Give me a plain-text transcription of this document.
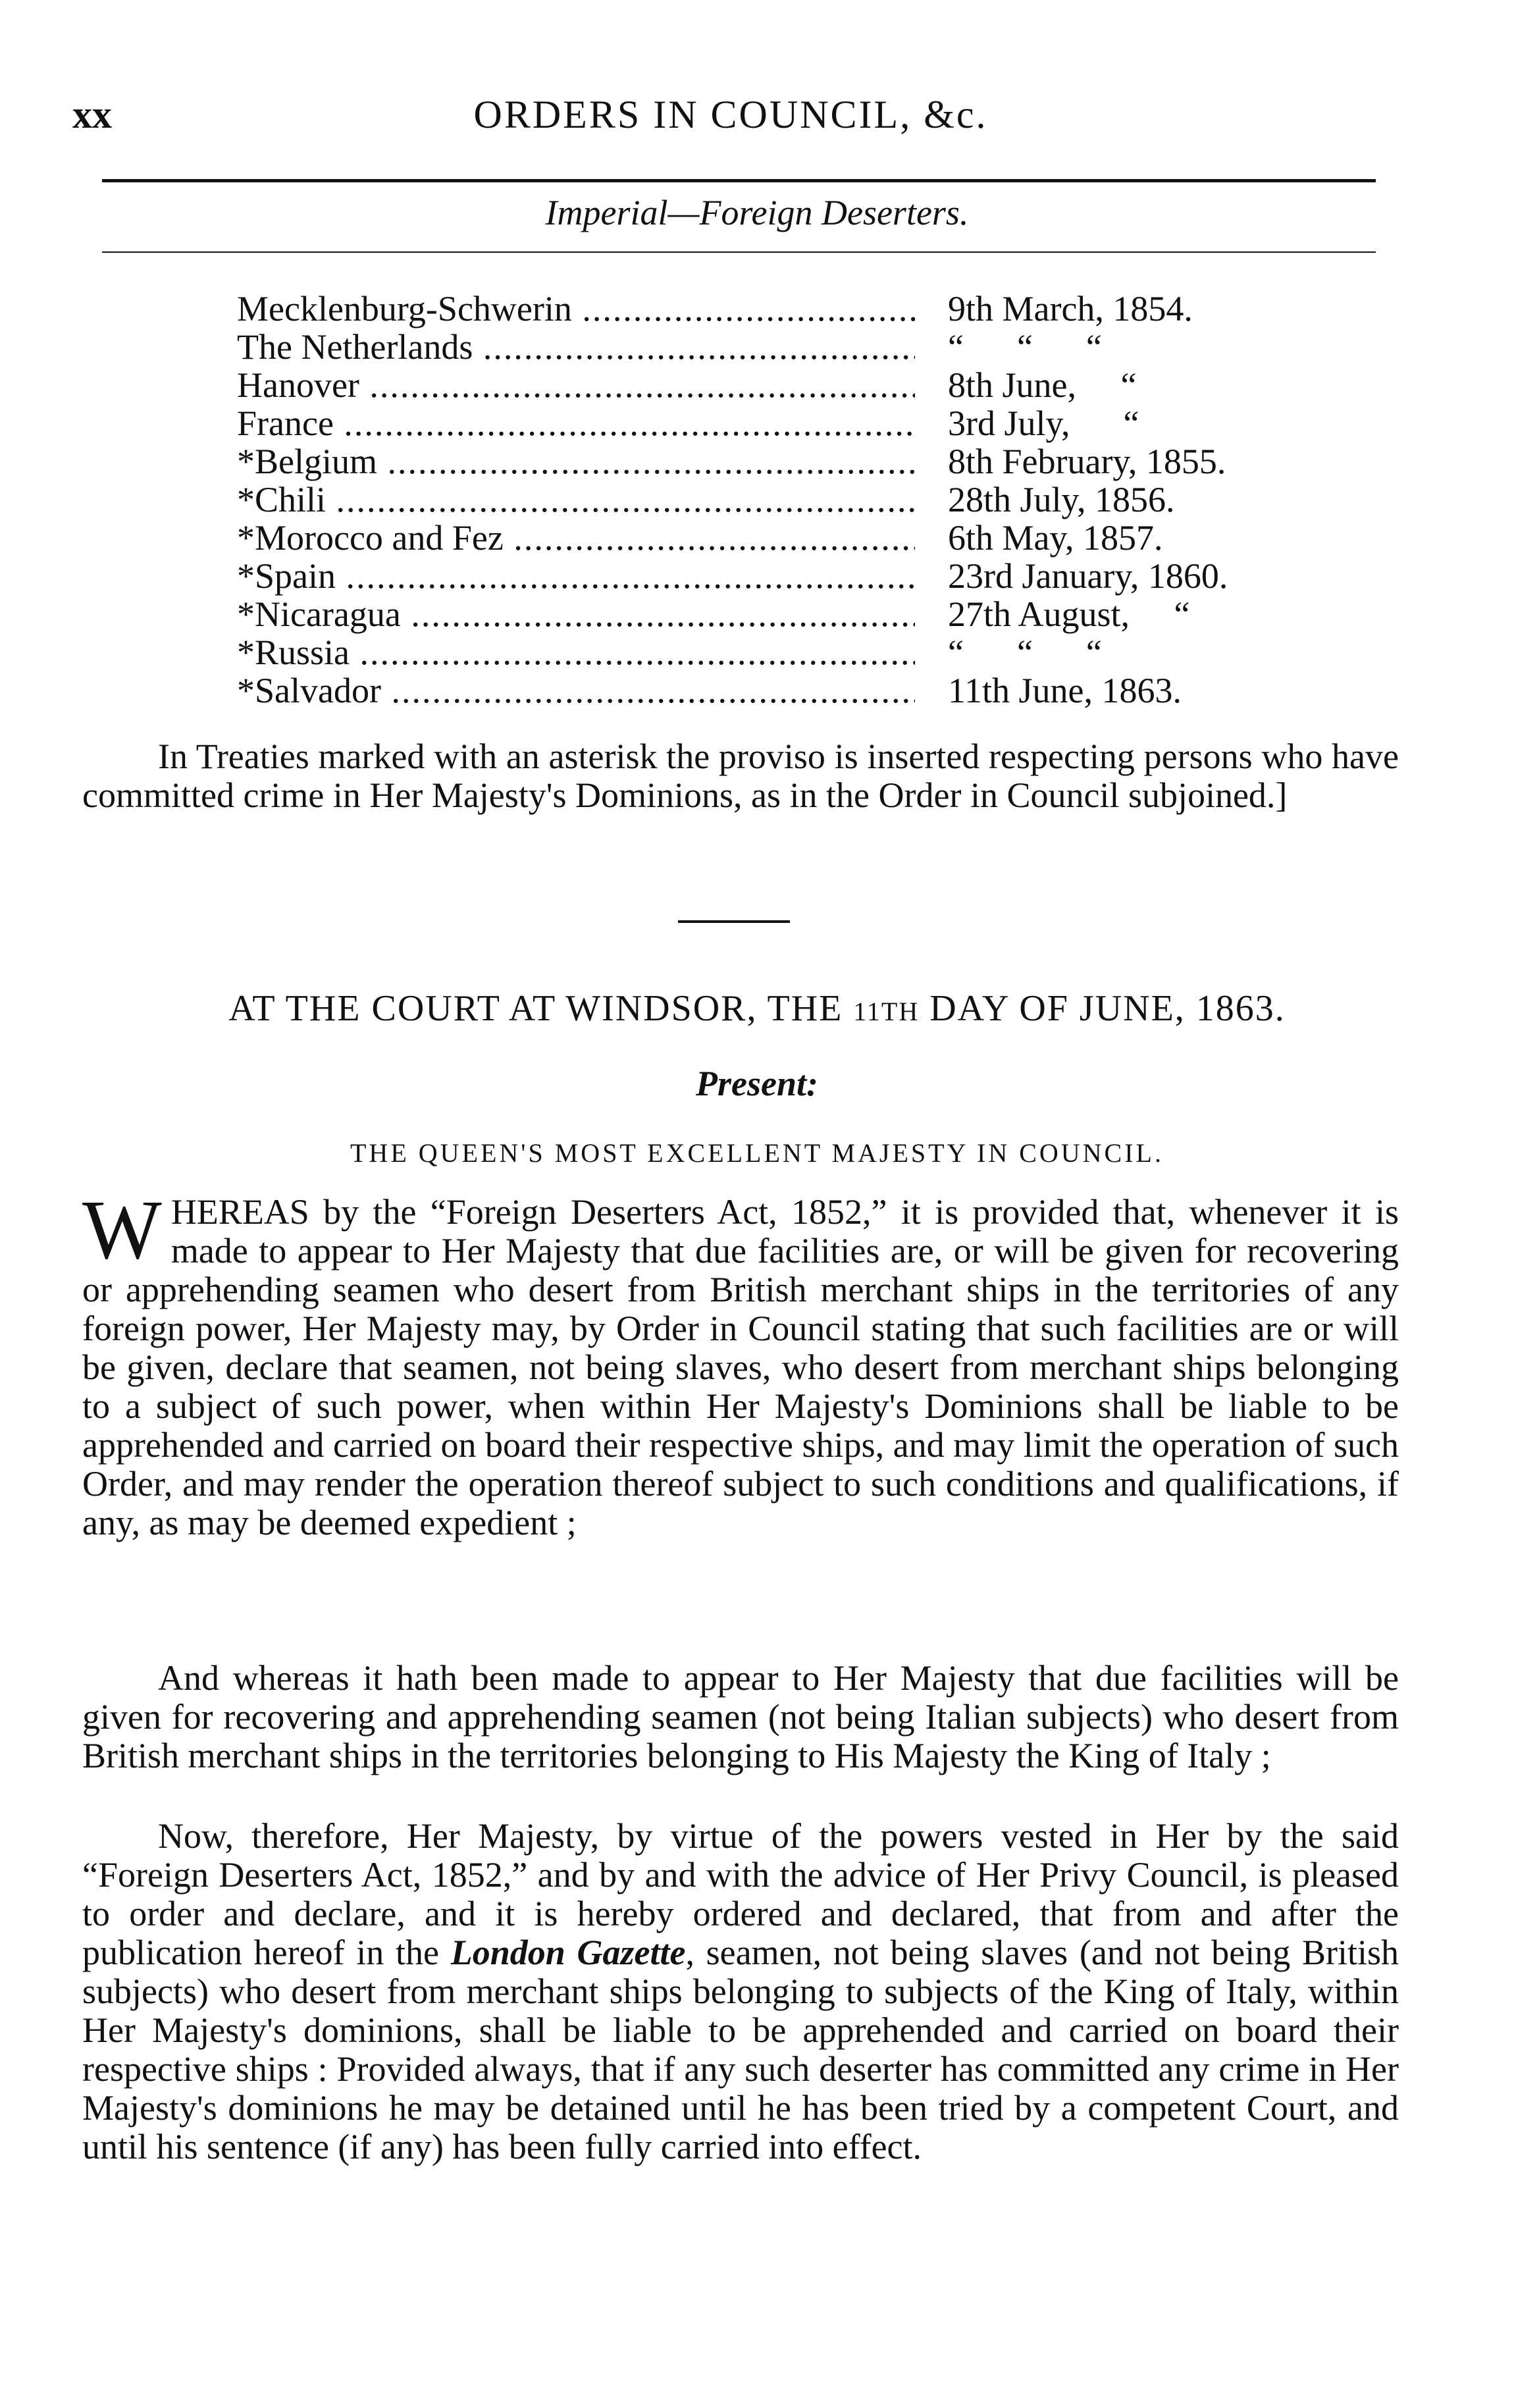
xx	ORDERS IN COUNCIL, &c.
Imperial—Foreign Deserters.
Mecklenburg-Schwerin .....	9th March, 1854.
The Netherlands .....	“      “      “
Hanover .....	8th June,     “
France .....	3rd July,      “
*Belgium .....	8th February, 1855.
*Chili .....	28th July, 1856.
*Morocco and Fez .....	6th May, 1857.
*Spain .....	23rd January, 1860.
*Nicaragua .....	27th August,     “
*Russia .....	“      “      “
*Salvador .....	11th June, 1863.

In Treaties marked with an asterisk the proviso is inserted respecting persons who have committed crime in Her Majesty's Dominions, as in the Order in Council subjoined.]

AT THE COURT AT WINDSOR, THE 11TH DAY OF JUNE, 1863.
Present:
THE QUEEN'S MOST EXCELLENT MAJESTY IN COUNCIL.

WHEREAS by the “Foreign Deserters Act, 1852,” it is provided that, whenever it is made to appear to Her Majesty that due facilities are, or will be given for recovering or apprehending seamen who desert from British merchant ships in the territories of any foreign power, Her Majesty may, by Order in Council stating that such facilities are or will be given, declare that seamen, not being slaves, who desert from merchant ships belonging to a subject of such power, when within Her Majesty's Dominions shall be liable to be apprehended and carried on board their respective ships, and may limit the operation of such Order, and may render the operation thereof subject to such conditions and qualifications, if any, as may be deemed expedient ;

And whereas it hath been made to appear to Her Majesty that due facilities will be given for recovering and apprehending seamen (not being Italian subjects) who desert from British merchant ships in the territories belonging to His Majesty the King of Italy ;

Now, therefore, Her Majesty, by virtue of the powers vested in Her by the said “Foreign Deserters Act, 1852,” and by and with the advice of Her Privy Council, is pleased to order and declare, and it is hereby ordered and declared, that from and after the publication hereof in the London Gazette, seamen, not being slaves (and not being British subjects) who desert from merchant ships belonging to subjects of the King of Italy, within Her Majesty's dominions, shall be liable to be apprehended and carried on board their respective ships : Provided always, that if any such deserter has committed any crime in Her Majesty's dominions he may be detained until he has been tried by a competent Court, and until his sentence (if any) has been fully carried into effect.
